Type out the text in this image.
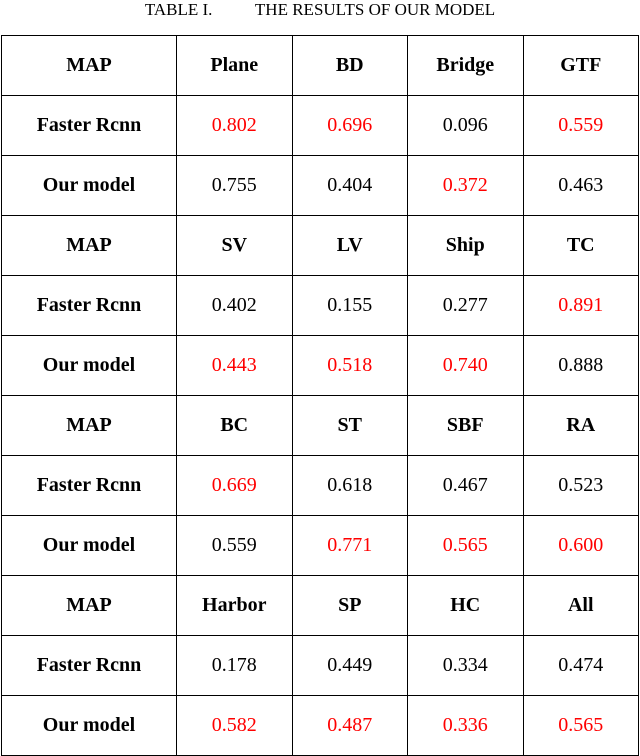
TABLE I.	THE RESULTS OF OUR MODEL
MAP	Plane	BD	Bridge	GTF
Faster Rcnn	0.802	0.696	0.096	0.559
Our model	0.755	0.404	0.372	0.463
MAP	SV	LV	Ship	TC
Faster Rcnn	0.402	0.155	0.277	0.891
Our model	0.443	0.518	0.740	0.888
MAP	BC	ST	SBF	RA
Faster Rcnn	0.669	0.618	0.467	0.523
Our model	0.559	0.771	0.565	0.600
MAP	Harbor	SP	HC	All
Faster Rcnn	0.178	0.449	0.334	0.474
Our model	0.582	0.487	0.336	0.565
